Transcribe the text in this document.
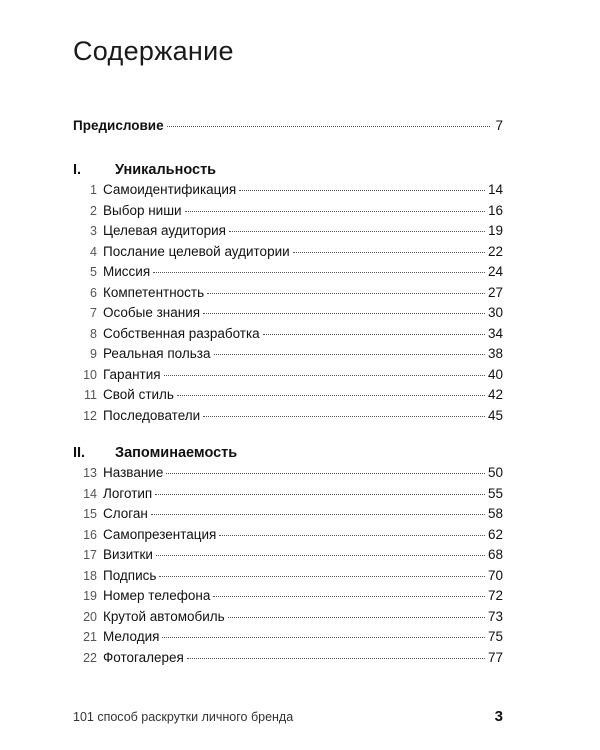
Содержание
Предисловие	7
I.	Уникальность
1 Самоидентификация	14
2 Выбор ниши	16
3 Целевая аудитория	19
4 Послание целевой аудитории	22
5 Миссия	24
6 Компетентность	27
7 Особые знания	30
8 Собственная разработка	34
9 Реальная польза	38
10 Гарантия	40
11 Свой стиль	42
12 Последователи	45
II.	Запоминаемость
13 Название	50
14 Логотип	55
15 Слоган	58
16 Самопрезентация	62
17 Визитки	68
18 Подпись	70
19 Номер телефона	72
20 Крутой автомобиль	73
21 Мелодия	75
22 Фотогалерея	77
101 способ раскрутки личного бренда	3
